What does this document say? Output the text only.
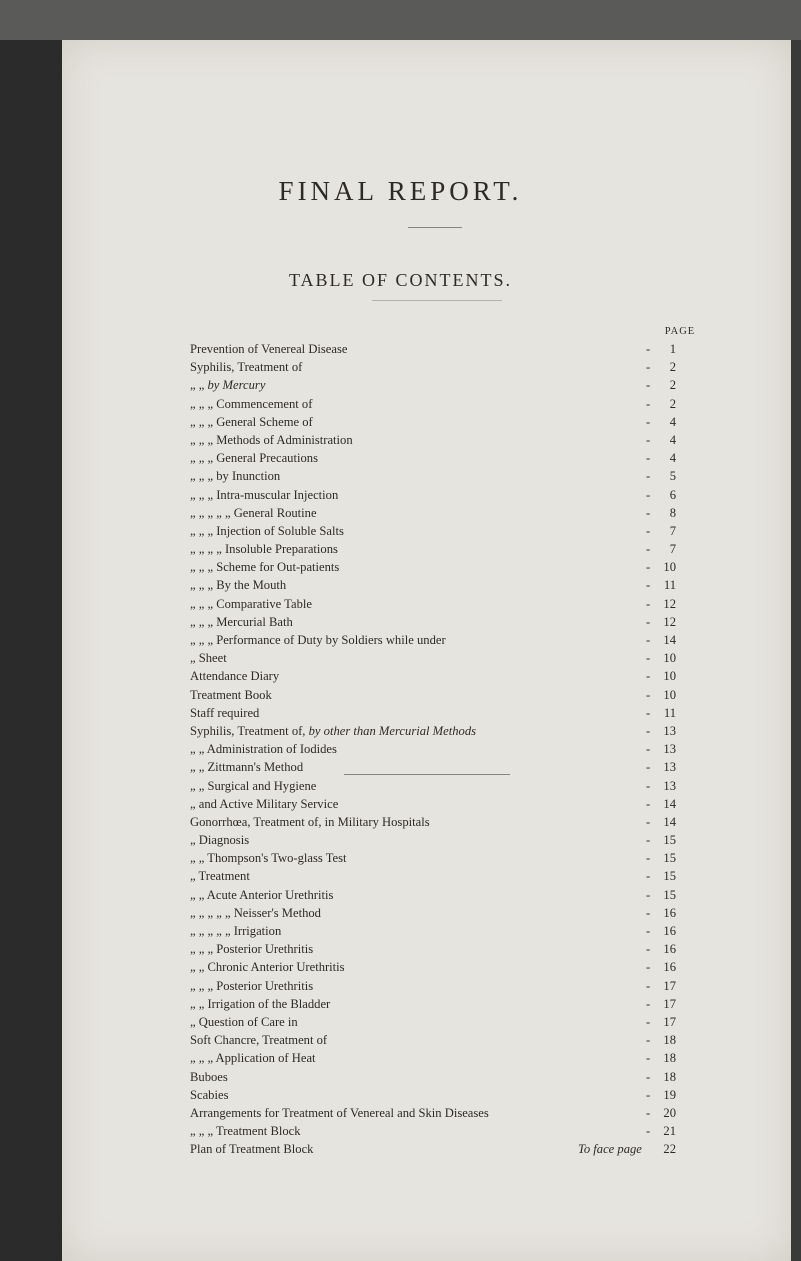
FINAL REPORT.
TABLE OF CONTENTS.
PAGE
Prevention of Venereal Disease	-	1
Syphilis, Treatment of	-	2
„ „ by Mercury	-	2
„ „ „ Commencement of	-	2
„ „ „ General Scheme of	-	4
„ „ „ Methods of Administration	-	4
„ „ „ General Precautions	-	4
„ „ „ by Inunction	-	5
„ „ „ Intra-muscular Injection	-	6
„ „ „ „ „ General Routine	-	8
„ „ „ Injection of Soluble Salts	-	7
„ „ „ „ Insoluble Preparations	-	7
„ „ „ Scheme for Out-patients	-	10
„ „ „ By the Mouth	-	11
„ „ „ Comparative Table	-	12
„ „ „ Mercurial Bath	-	12
„ „ „ Performance of Duty by Soldiers while under	-	14
„ Sheet	-	10
Attendance Diary	-	10
Treatment Book	-	10
Staff required	-	11
Syphilis, Treatment of, by other than Mercurial Methods	-	13
„ „ Administration of Iodides	-	13
„ „ Zittmann's Method	-	13
„ „ Surgical and Hygiene	-	13
„ and Active Military Service	-	14
Gonorrhœa, Treatment of, in Military Hospitals	-	14
„ Diagnosis	-	15
„ „ Thompson's Two-glass Test	-	15
„ Treatment	-	15
„ „ Acute Anterior Urethritis	-	15
„ „ „ „ „ Neisser's Method	-	16
„ „ „ „ „ Irrigation	-	16
„ „ „ Posterior Urethritis	-	16
„ „ Chronic Anterior Urethritis	-	16
„ „ „ Posterior Urethritis	-	17
„ „ Irrigation of the Bladder	-	17
„ Question of Care in	-	17
Soft Chancre, Treatment of	-	18
„ „ „ Application of Heat	-	18
Buboes	-	18
Scabies	-	19
Arrangements for Treatment of Venereal and Skin Diseases	-	20
„ „ „ Treatment Block	-	21
Plan of Treatment Block	To face page	22
